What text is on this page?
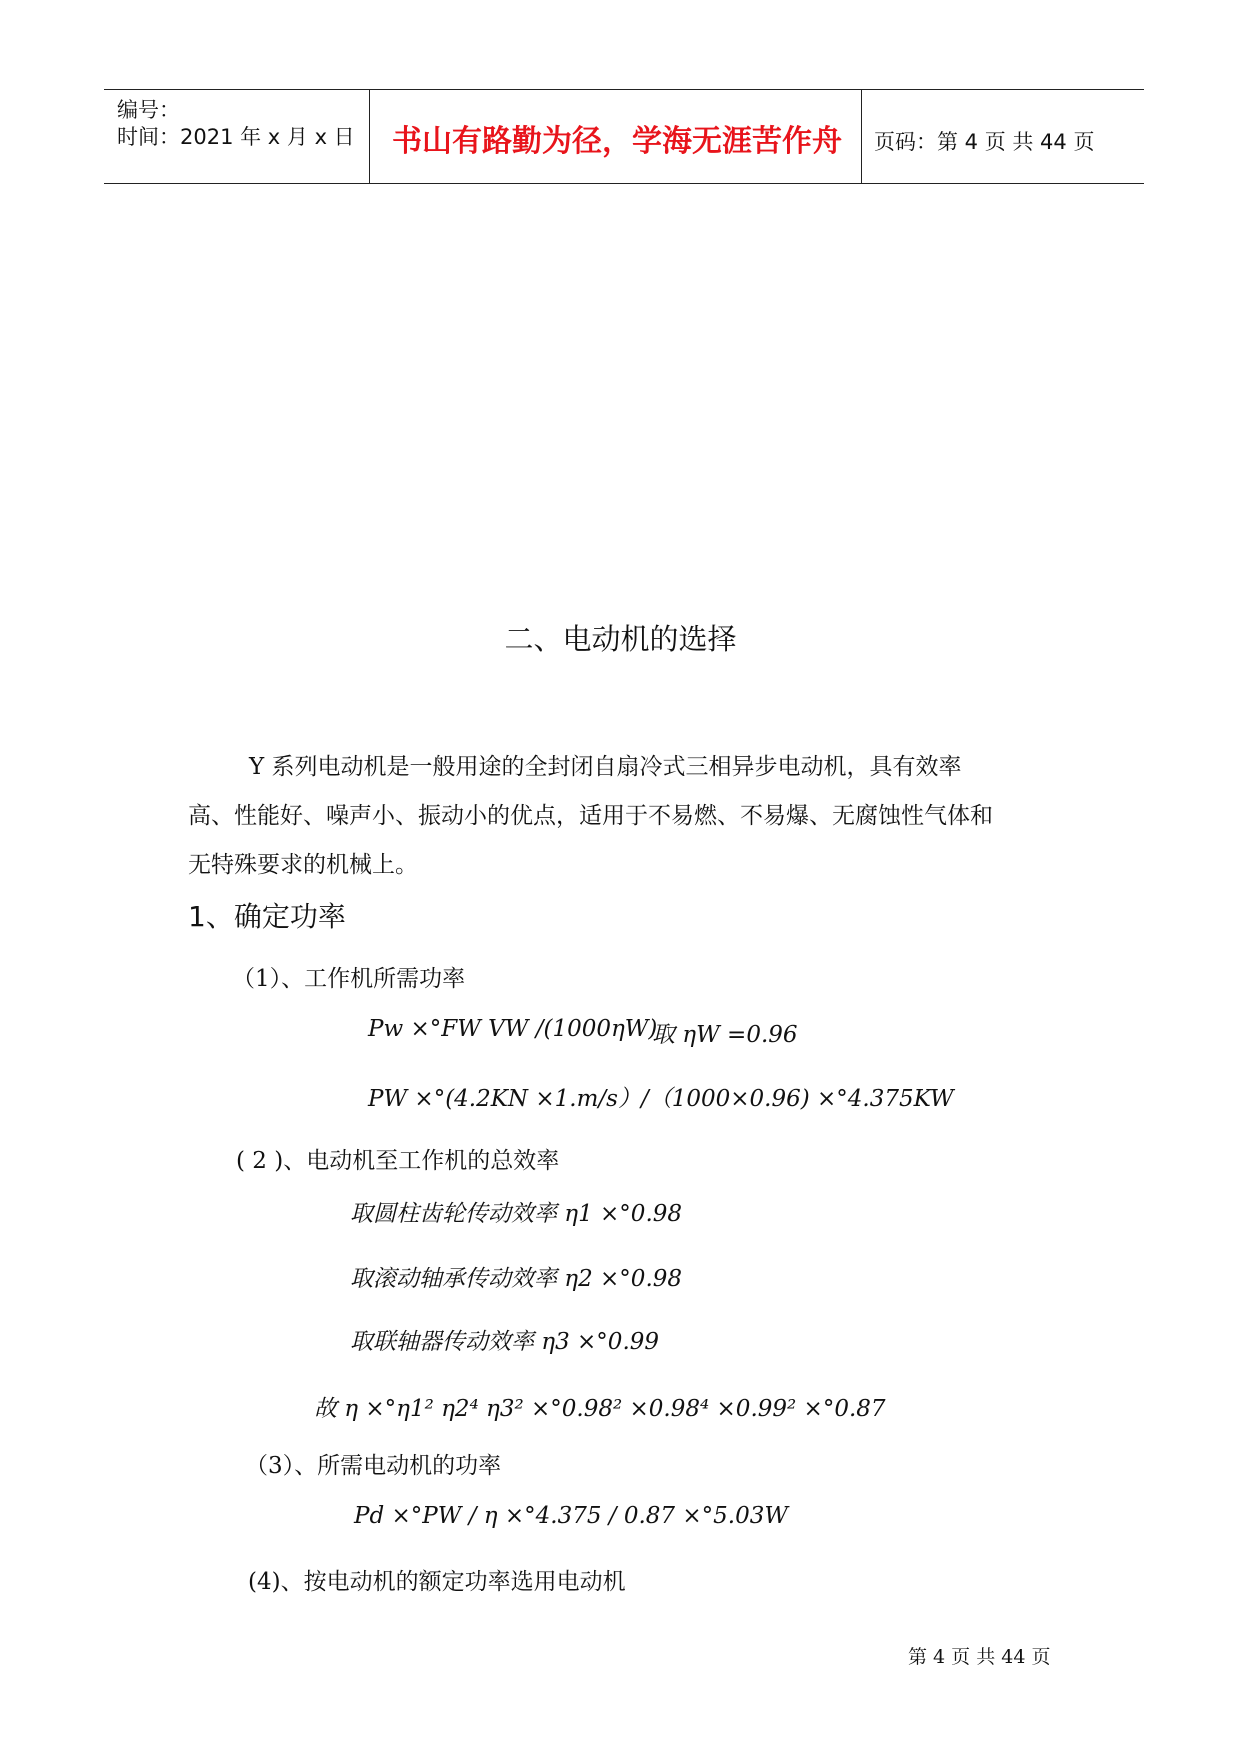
编号：
时间：2021 年 x 月 x 日	书山有路勤为径，学海无涯苦作舟	页码：第 4 页 共 44 页
二、电动机的选择
Y 系列电动机是一般用途的全封闭自扇冷式三相异步电动机，具有效率
高、性能好、噪声小、振动小的优点，适用于不易燃、不易爆、无腐蚀性气体和
无特殊要求的机械上。
1、确定功率
（1）、工作机所需功率
Pw ×°FW VW /(1000ηW)
取 ηW =0.96
PW ×°(4.2KN ×1.m/s）/（1000×0.96) ×°4.375KW
( 2 )、电动机至工作机的总效率
取圆柱齿轮传动效率 η1 ×°0.98
取滚动轴承传动效率 η2 ×°0.98
取联轴器传动效率 η3 ×°0.99
故 η ×°η1² η2⁴ η3² ×°0.98² ×0.98⁴ ×0.99² ×°0.87
（3）、所需电动机的功率
Pd ×°PW / η ×°4.375 / 0.87 ×°5.03W
(4)、按电动机的额定功率选用电动机
第 4 页 共 44 页
